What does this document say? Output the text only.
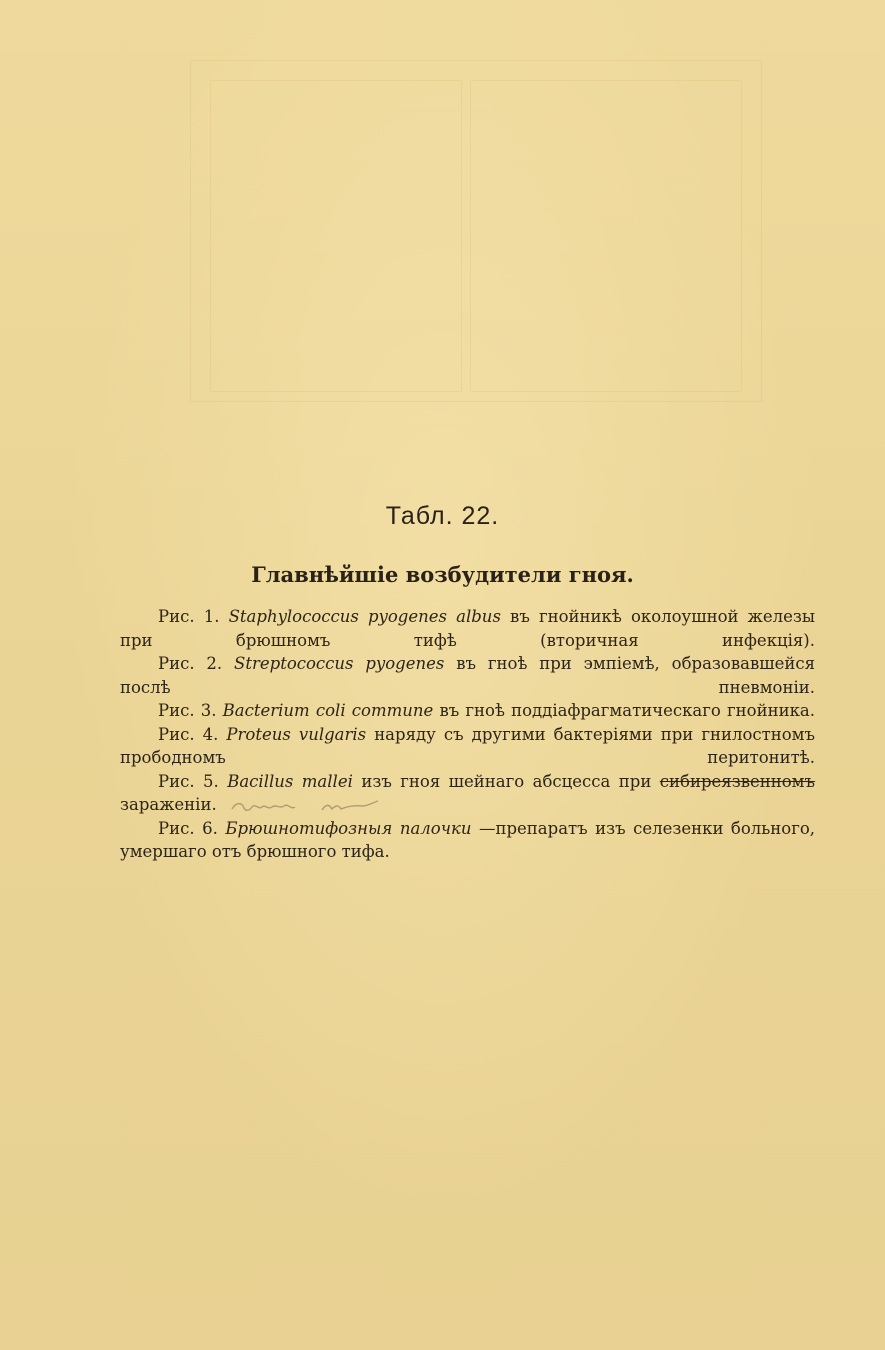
Табл. 22.
Главнѣйшіе возбудители гноя.

Рис. 1. Staphylococcus pyogenes albus въ гнойникѣ околоушной железы при брюшномъ тифѣ (вторичная инфекція).

Рис. 2. Streptococcus pyogenes въ гноѣ при эмпіемѣ, образовавшейся послѣ пневмоніи.

Рис. 3. Bacterium coli commune въ гноѣ поддіафрагматическаго гнойника.

Рис. 4. Proteus vulgaris наряду съ другими бактеріями при гнилостномъ прободномъ перитонитѣ.

Рис. 5. Bacillus mallei изъ гноя шейнаго абсцесса при сибиреязвенномъ зараженіи.

Рис. 6. Брюшнотифозныя палочки —препаратъ изъ селезенки больного, умершаго отъ брюшного тифа.
